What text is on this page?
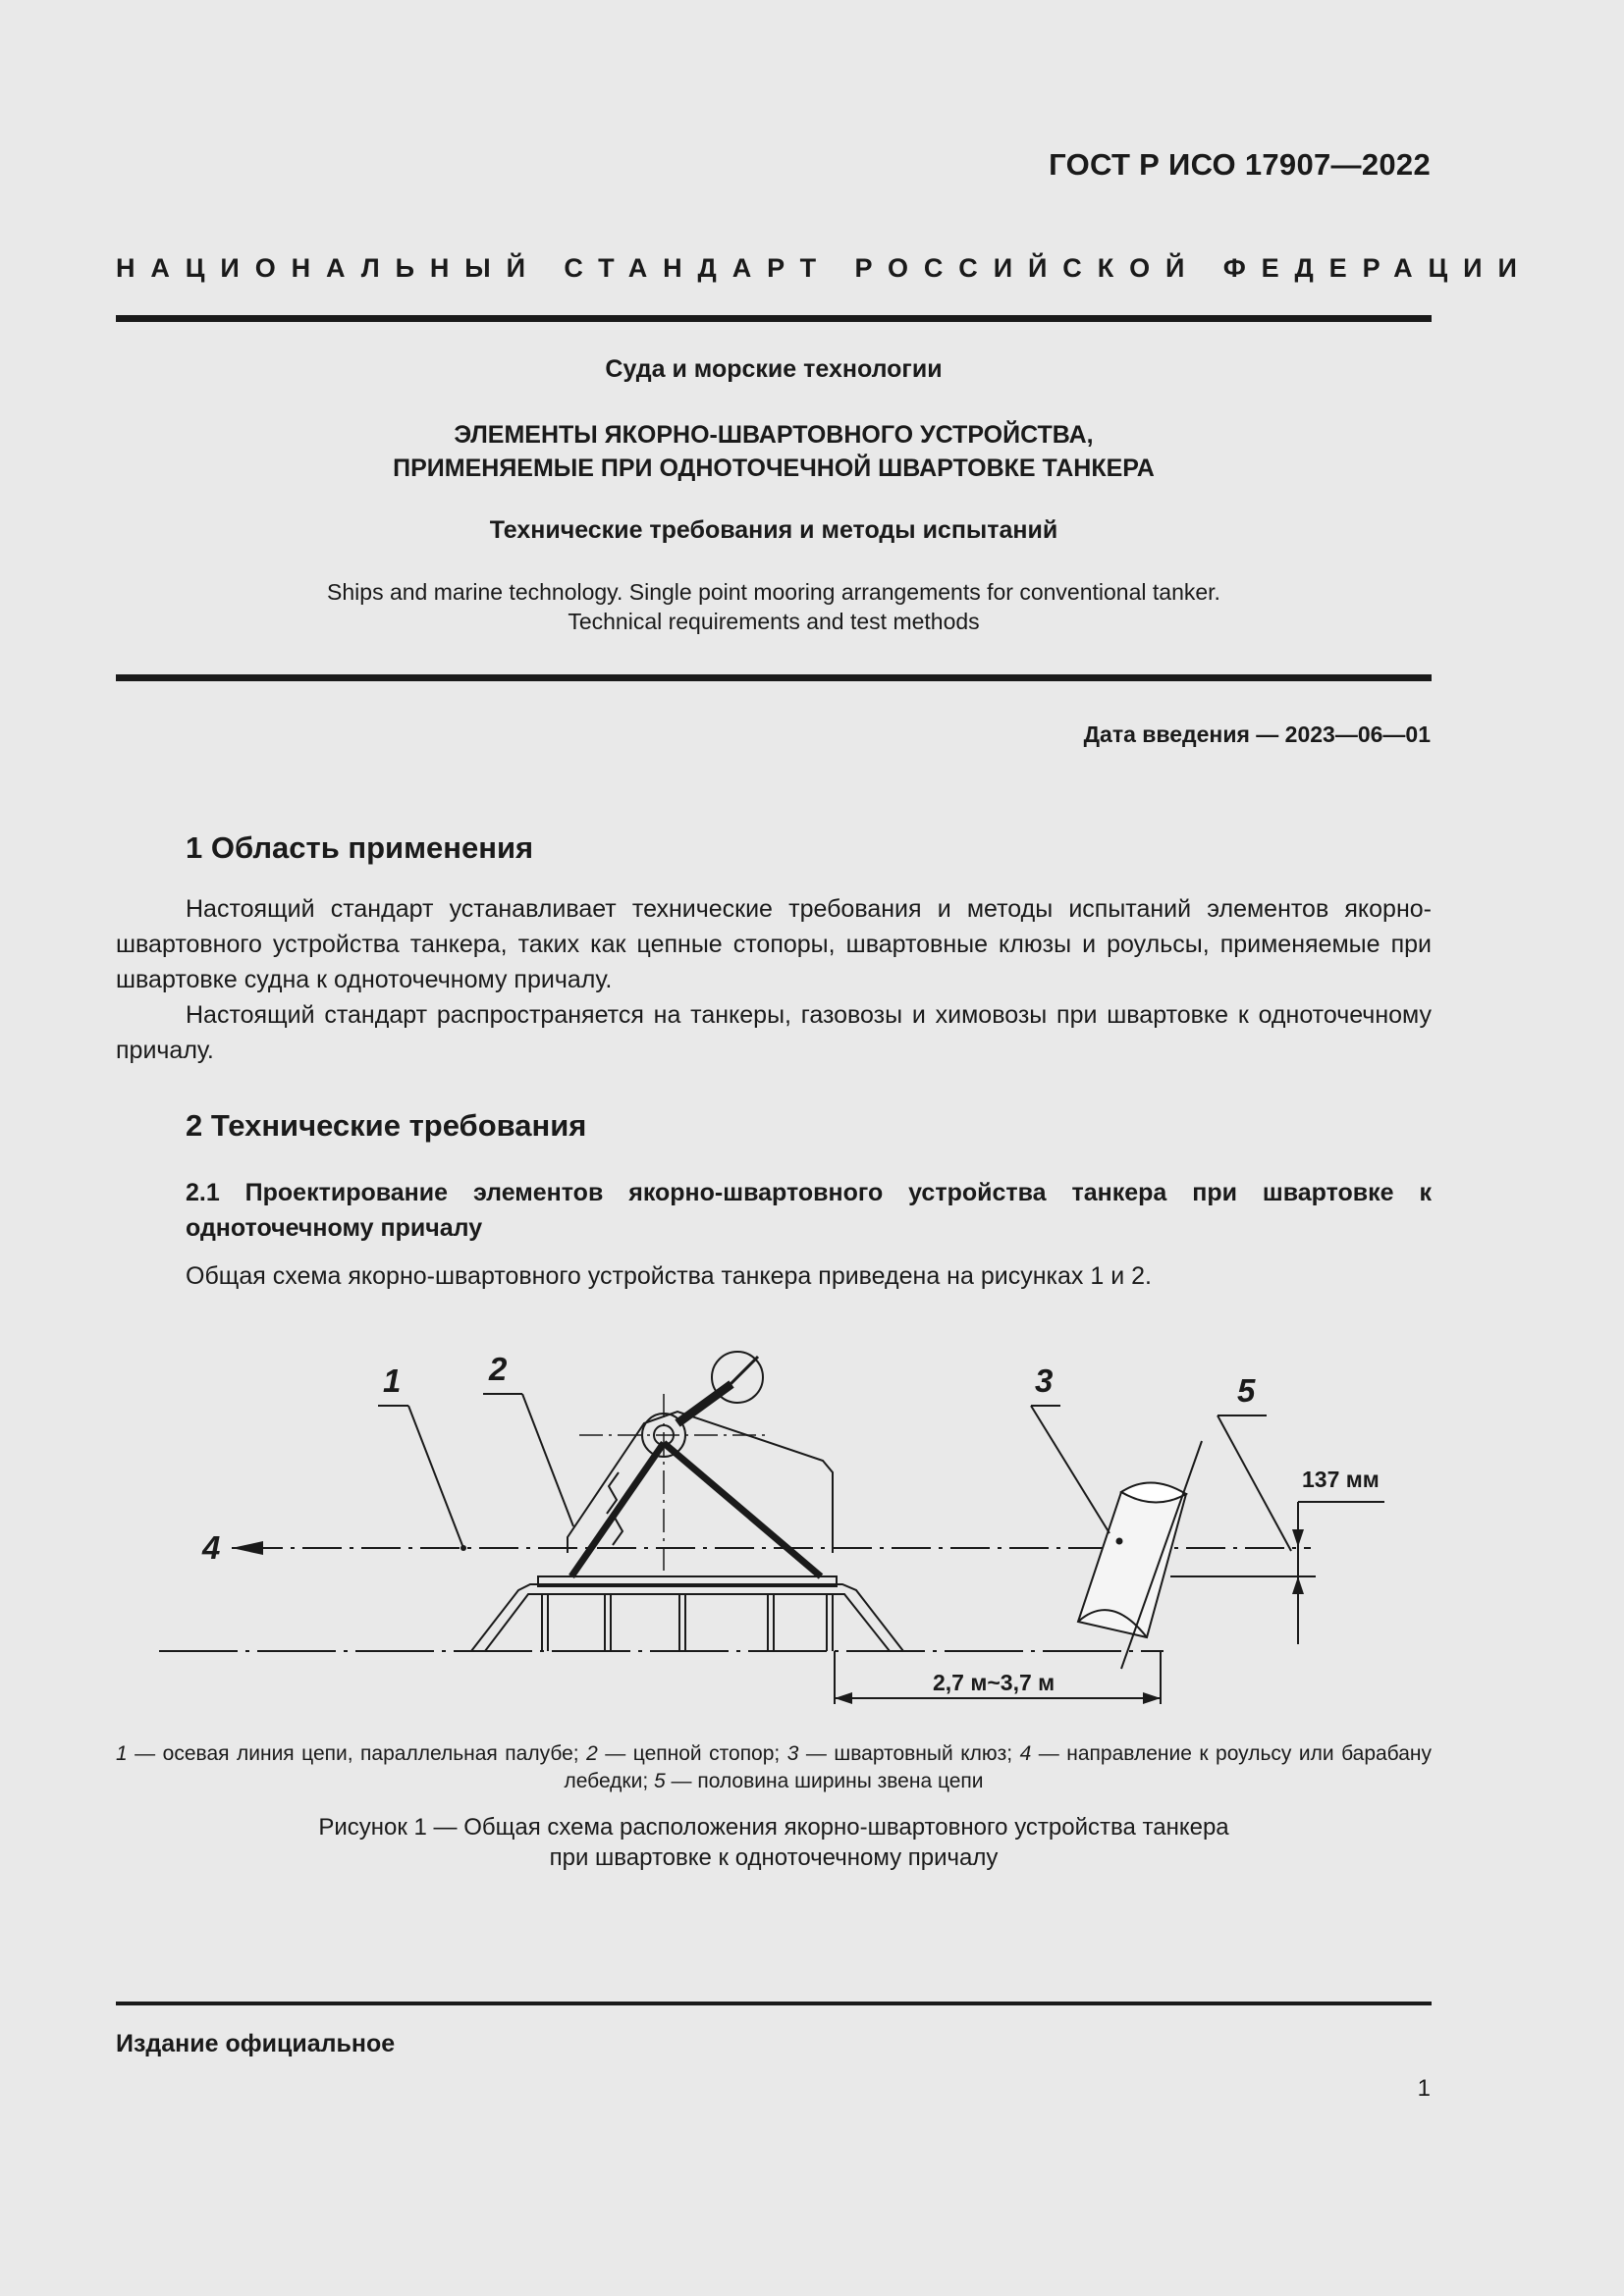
ГОСТ Р ИСО 17907—2022
НАЦИОНАЛЬНЫЙ СТАНДАРТ РОССИЙСКОЙ ФЕДЕРАЦИИ
Суда и морские технологии
ЭЛЕМЕНТЫ ЯКОРНО-ШВАРТОВНОГО УСТРОЙСТВА,
ПРИМЕНЯЕМЫЕ ПРИ ОДНОТОЧЕЧНОЙ ШВАРТОВКЕ ТАНКЕРА
Технические требования и методы испытаний
Ships and marine technology. Single point mooring arrangements for conventional tanker.
Technical requirements and test methods
Дата введения — 2023—06—01
1 Область применения

Настоящий стандарт устанавливает технические требования и методы испытаний элементов якорно-швартовного устройства танкера, таких как цепные стопоры, швартовные клюзы и роульсы, применяемые при швартовке судна к одноточечному причалу.

Настоящий стандарт распространяется на танкеры, газовозы и химовозы при швартовке к одноточечному причалу.

2 Технические требования
2.1 Проектирование элементов якорно-швартовного устройства танкера при швартовке к одноточечному причалу

Общая схема якорно-швартовного устройства танкера приведена на рисунках 1 и 2.

1	2	3
4
5
137 мм
2,7 м~3,7 м
1 — осевая линия цепи, параллельная палубе; 2 — цепной стопор; 3 — швартовный клюз; 4 — направление к роульсу или барабану лебедки; 5 — половина ширины звена цепи
Рисунок 1 — Общая схема расположения якорно-швартовного устройства танкера
при швартовке к одноточечному причалу
Издание официальное
1
